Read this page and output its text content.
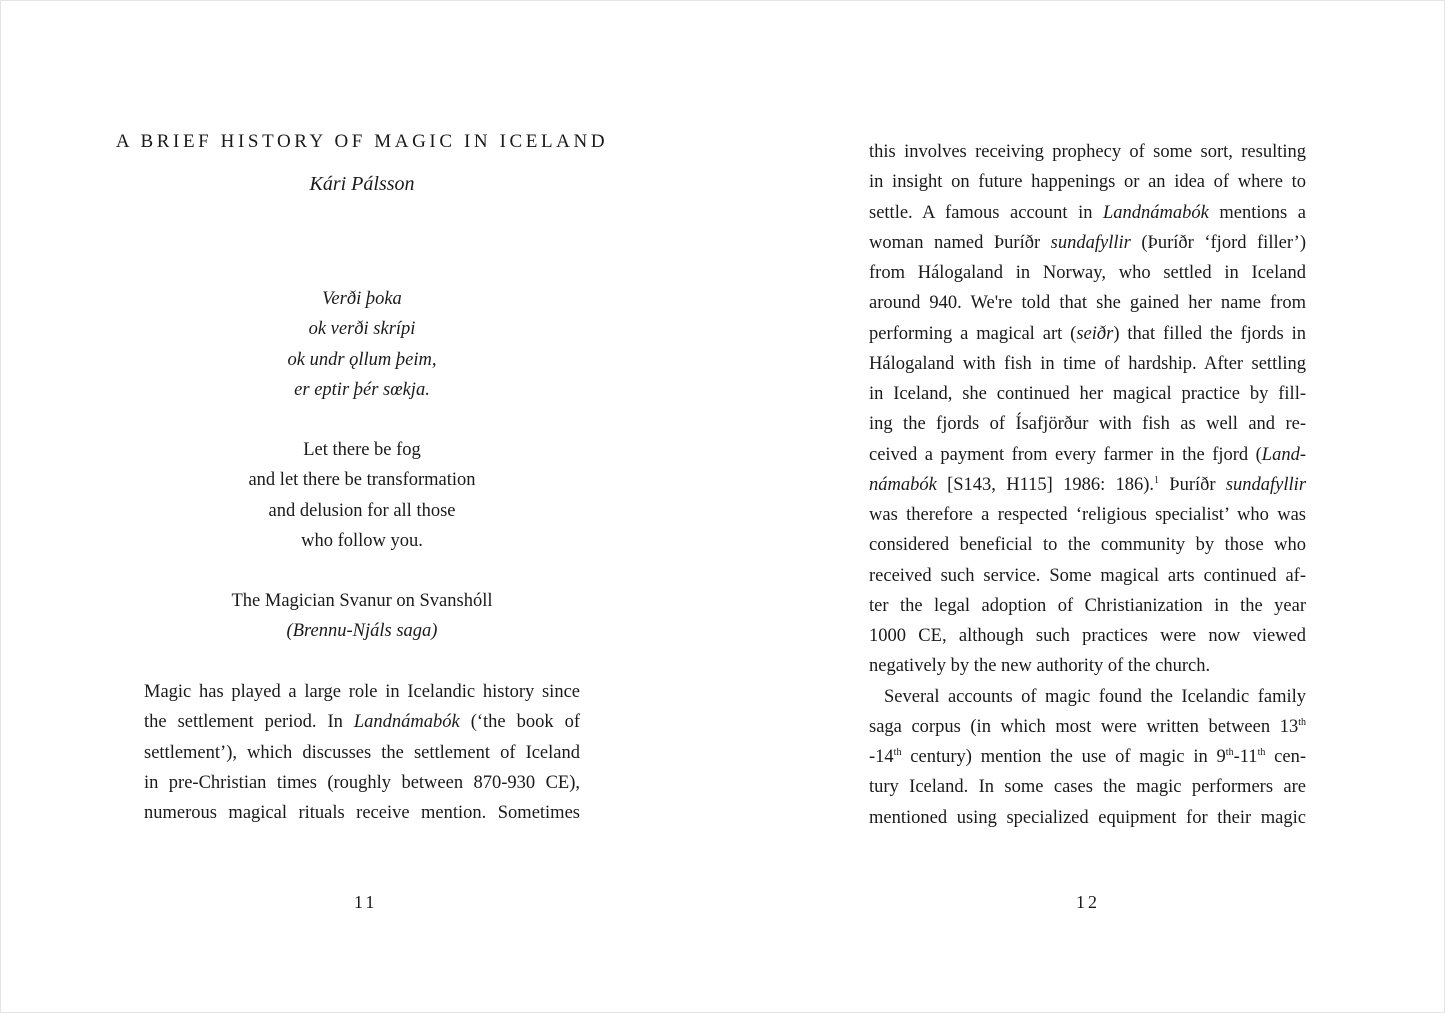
A BRIEF HISTORY OF MAGIC IN ICELAND
Kári Pálsson
Verði þoka
ok verði skrípi
ok undr ǫllum þeim,
er eptir þér sœkja.
Let there be fog
and let there be transformation
and delusion for all those
who follow you.
The Magician Svanur on Svanshóll
(Brennu-Njáls saga)
Magic has played a large role in Icelandic history since
the settlement period. In Landnámabók (‘the book of
settlement’), which discusses the settlement of Iceland
in pre-Christian times (roughly between 870-930 CE),
numerous magical rituals receive mention. Sometimes
11
this involves receiving prophecy of some sort, resulting
in insight on future happenings or an idea of where to
settle. A famous account in Landnámabók mentions a
woman named Þuríðr sundafyllir (Þuríðr ‘fjord filler’)
from Hálogaland in Norway, who settled in Iceland
around 940. We're told that she gained her name from
performing a magical art (seiðr) that filled the fjords in
Hálogaland with fish in time of hardship. After settling
in Iceland, she continued her magical practice by fill-
ing the fjords of Ísafjörður with fish as well and re-
ceived a payment from every farmer in the fjord (Land-
námabók [S143, H115] 1986: 186).$^1$ Þuríðr sundafyllir
was therefore a respected ‘religious specialist’ who was
considered beneficial to the community by those who
received such service. Some magical arts continued af-
ter the legal adoption of Christianization in the year
1000 CE, although such practices were now viewed
negatively by the new authority of the church.
Several accounts of magic found the Icelandic family
saga corpus (in which most were written between 13th
-14th century) mention the use of magic in 9th-11th cen-
tury Iceland. In some cases the magic performers are
mentioned using specialized equipment for their magic
12
